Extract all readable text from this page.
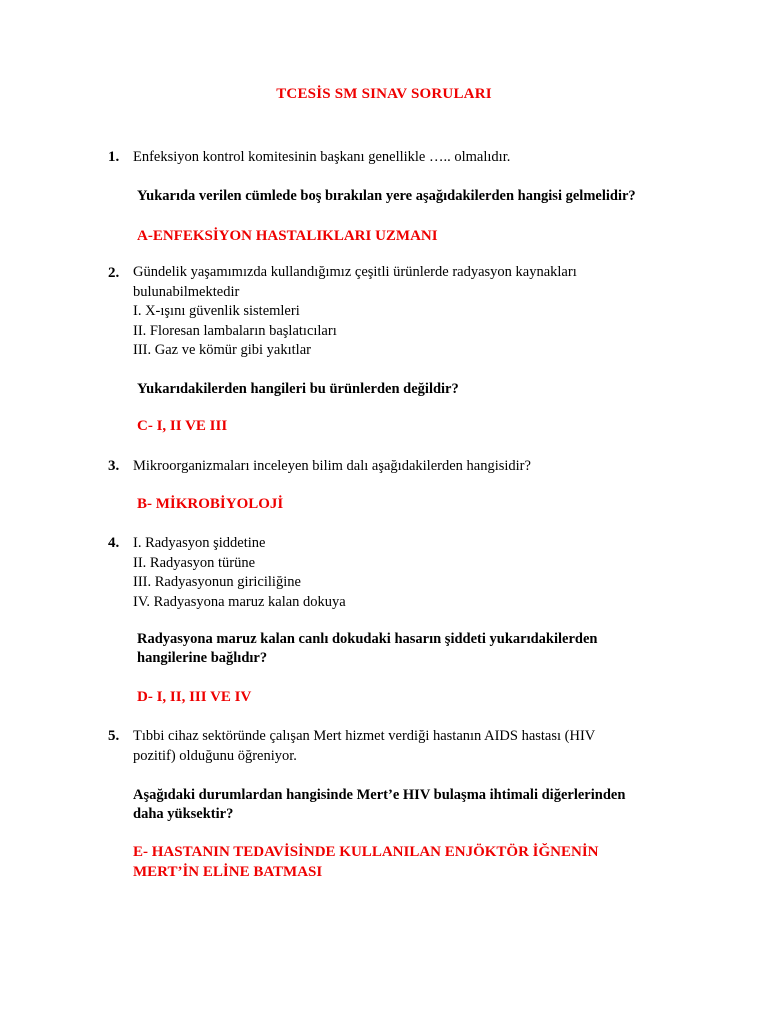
TCESİS SM SINAV SORULARI
1. Enfeksiyon kontrol komitesinin başkanı genellikle ….. olmalıdır.
Yukarıda verilen cümlede boş bırakılan yere aşağıdakilerden hangisi gelmelidir?
A-ENFEKSİYON HASTALIKLARI UZMANI
2. Gündelik yaşamımızda kullandığımız çeşitli ürünlerde radyasyon kaynakları
bulunabilmektedir
I. X-ışını güvenlik sistemleri
II. Floresan lambaların başlatıcıları
III. Gaz ve kömür gibi yakıtlar
Yukarıdakilerden hangileri bu ürünlerden değildir?
C- I, II VE III
3. Mikroorganizmaları inceleyen bilim dalı aşağıdakilerden hangisidir?
B- MİKROBİYOLOJİ
4. I. Radyasyon şiddetine
II. Radyasyon türüne
III. Radyasyonun giriciliğine
IV. Radyasyona maruz kalan dokuya
Radyasyona maruz kalan canlı dokudaki hasarın şiddeti yukarıdakilerden
hangilerine bağlıdır?
D- I, II, III VE IV
5. Tıbbi cihaz sektöründe çalışan Mert hizmet verdiği hastanın AIDS hastası (HIV
pozitif) olduğunu öğreniyor.
Aşağıdaki durumlardan hangisinde Mert’e HIV bulaşma ihtimali diğerlerinden
daha yüksektir?
E- HASTANIN TEDAVİSİNDE KULLANILAN ENJÖKTÖR İĞNENİN
MERT’İN ELİNE BATMASI
